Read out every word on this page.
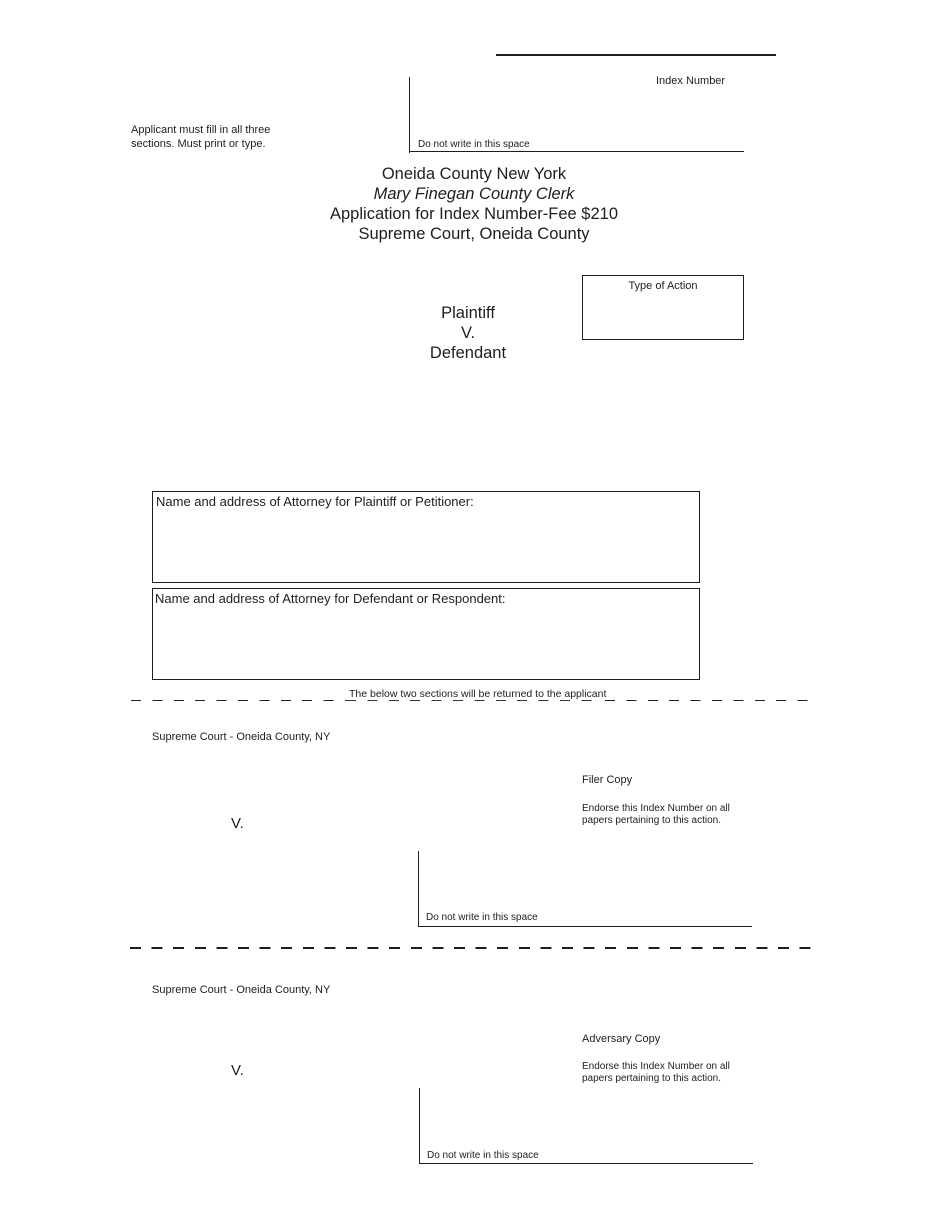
Index Number
Applicant must fill in all three
sections. Must print or type.	Do not write in this space
Oneida County New York
Mary Finegan County Clerk
Application for Index Number-Fee $210
Supreme Court, Oneida County
Plaintiff
V.
Defendant
Type of Action
Name and address of Attorney for Plaintiff or Petitioner:
Name and address of Attorney for Defendant or Respondent:
The below two sections will be returned to the applicant
Supreme Court - Oneida County, NY
Filer Copy
Endorse this Index Number on all
papers pertaining to this action.
V.
Do not write in this space
Supreme Court - Oneida County, NY
Adversary Copy
Endorse this Index Number on all
papers pertaining to this action.
V.
Do not write in this space
